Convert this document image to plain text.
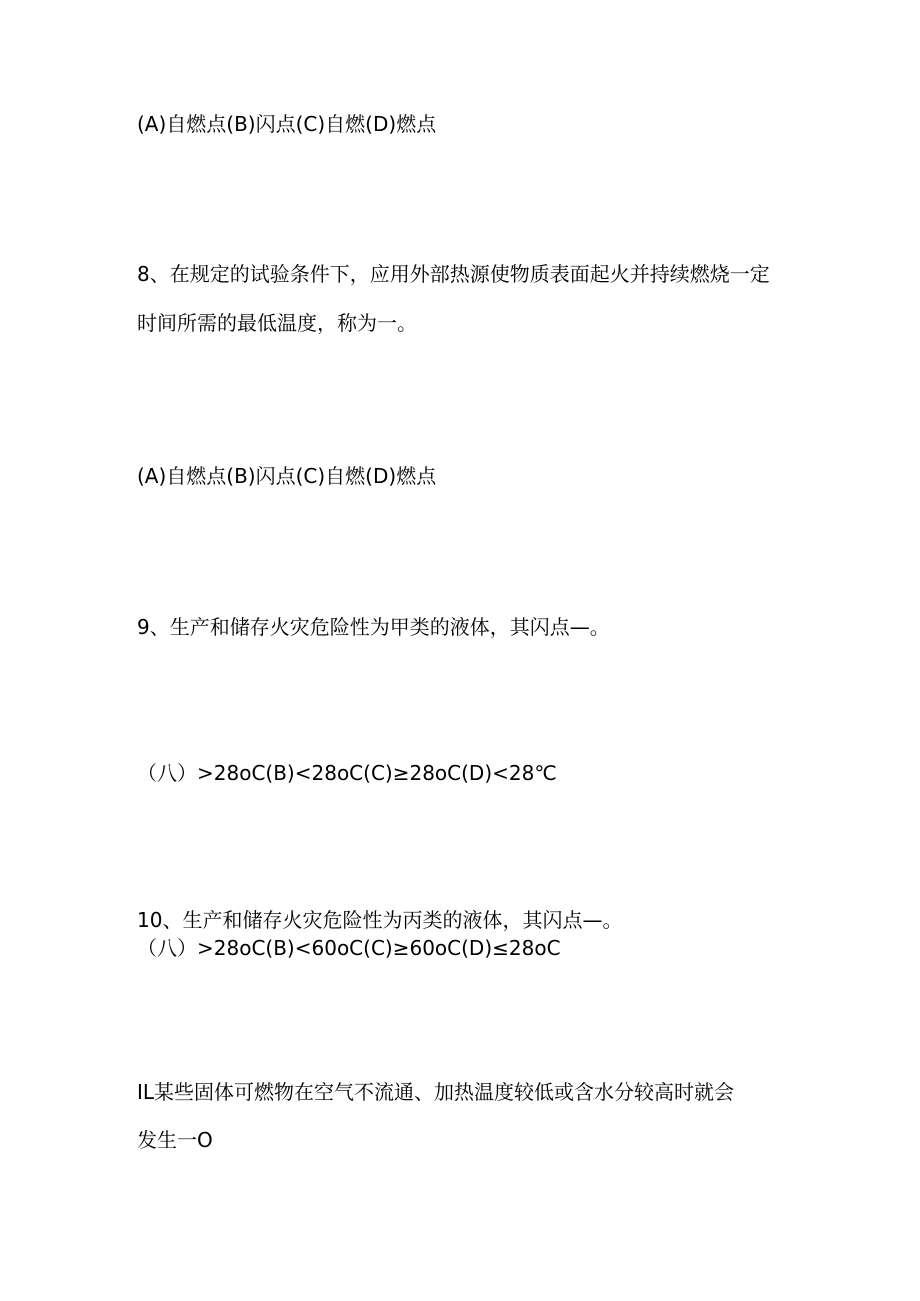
(A)自燃点(B)闪点(C)自燃(D)燃点
8、在规定的试验条件下，应用外部热源使物质表面起火并持续燃烧一定
时间所需的最低温度，称为一。
(A)自燃点(B)闪点(C)自燃(D)燃点
9、生产和储存火灾危险性为甲类的液体，其闪点—。
（八）>28oC(B)<28oC(C)≥28oC(D)<28℃
10、生产和储存火灾危险性为丙类的液体，其闪点—。
（八）>28oC(B)<60oC(C)≥60oC(D)≤28oC
IL某些固体可燃物在空气不流通、加热温度较低或含水分较高时就会
发生一O
